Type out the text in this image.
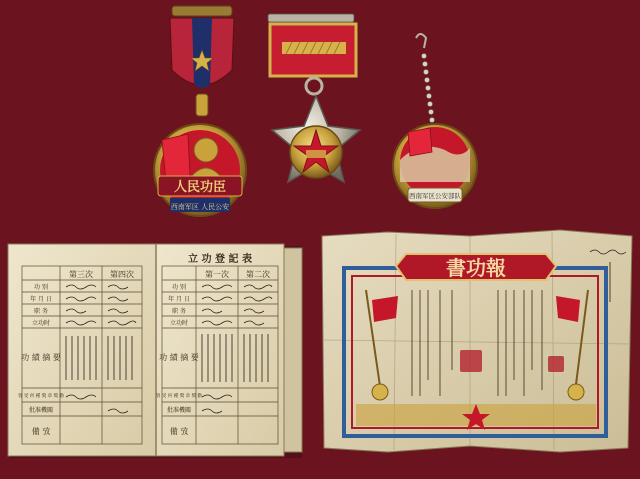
人民功臣
西南军区 人民公安
西南军区公安部队
第三次 第四次
功 别
年 月 日
职 务
立功时
功 績 摘 要
曾 受 何 種 獎 章 獎 勳
批准機關
備 攷
立 功 登 記 表
第一次 第二次
功 别
年 月 日
职 务
立功时
功 績 摘 要
曾 受 何 種 獎 章 獎 勳
批准機關
備 攷
書功報
